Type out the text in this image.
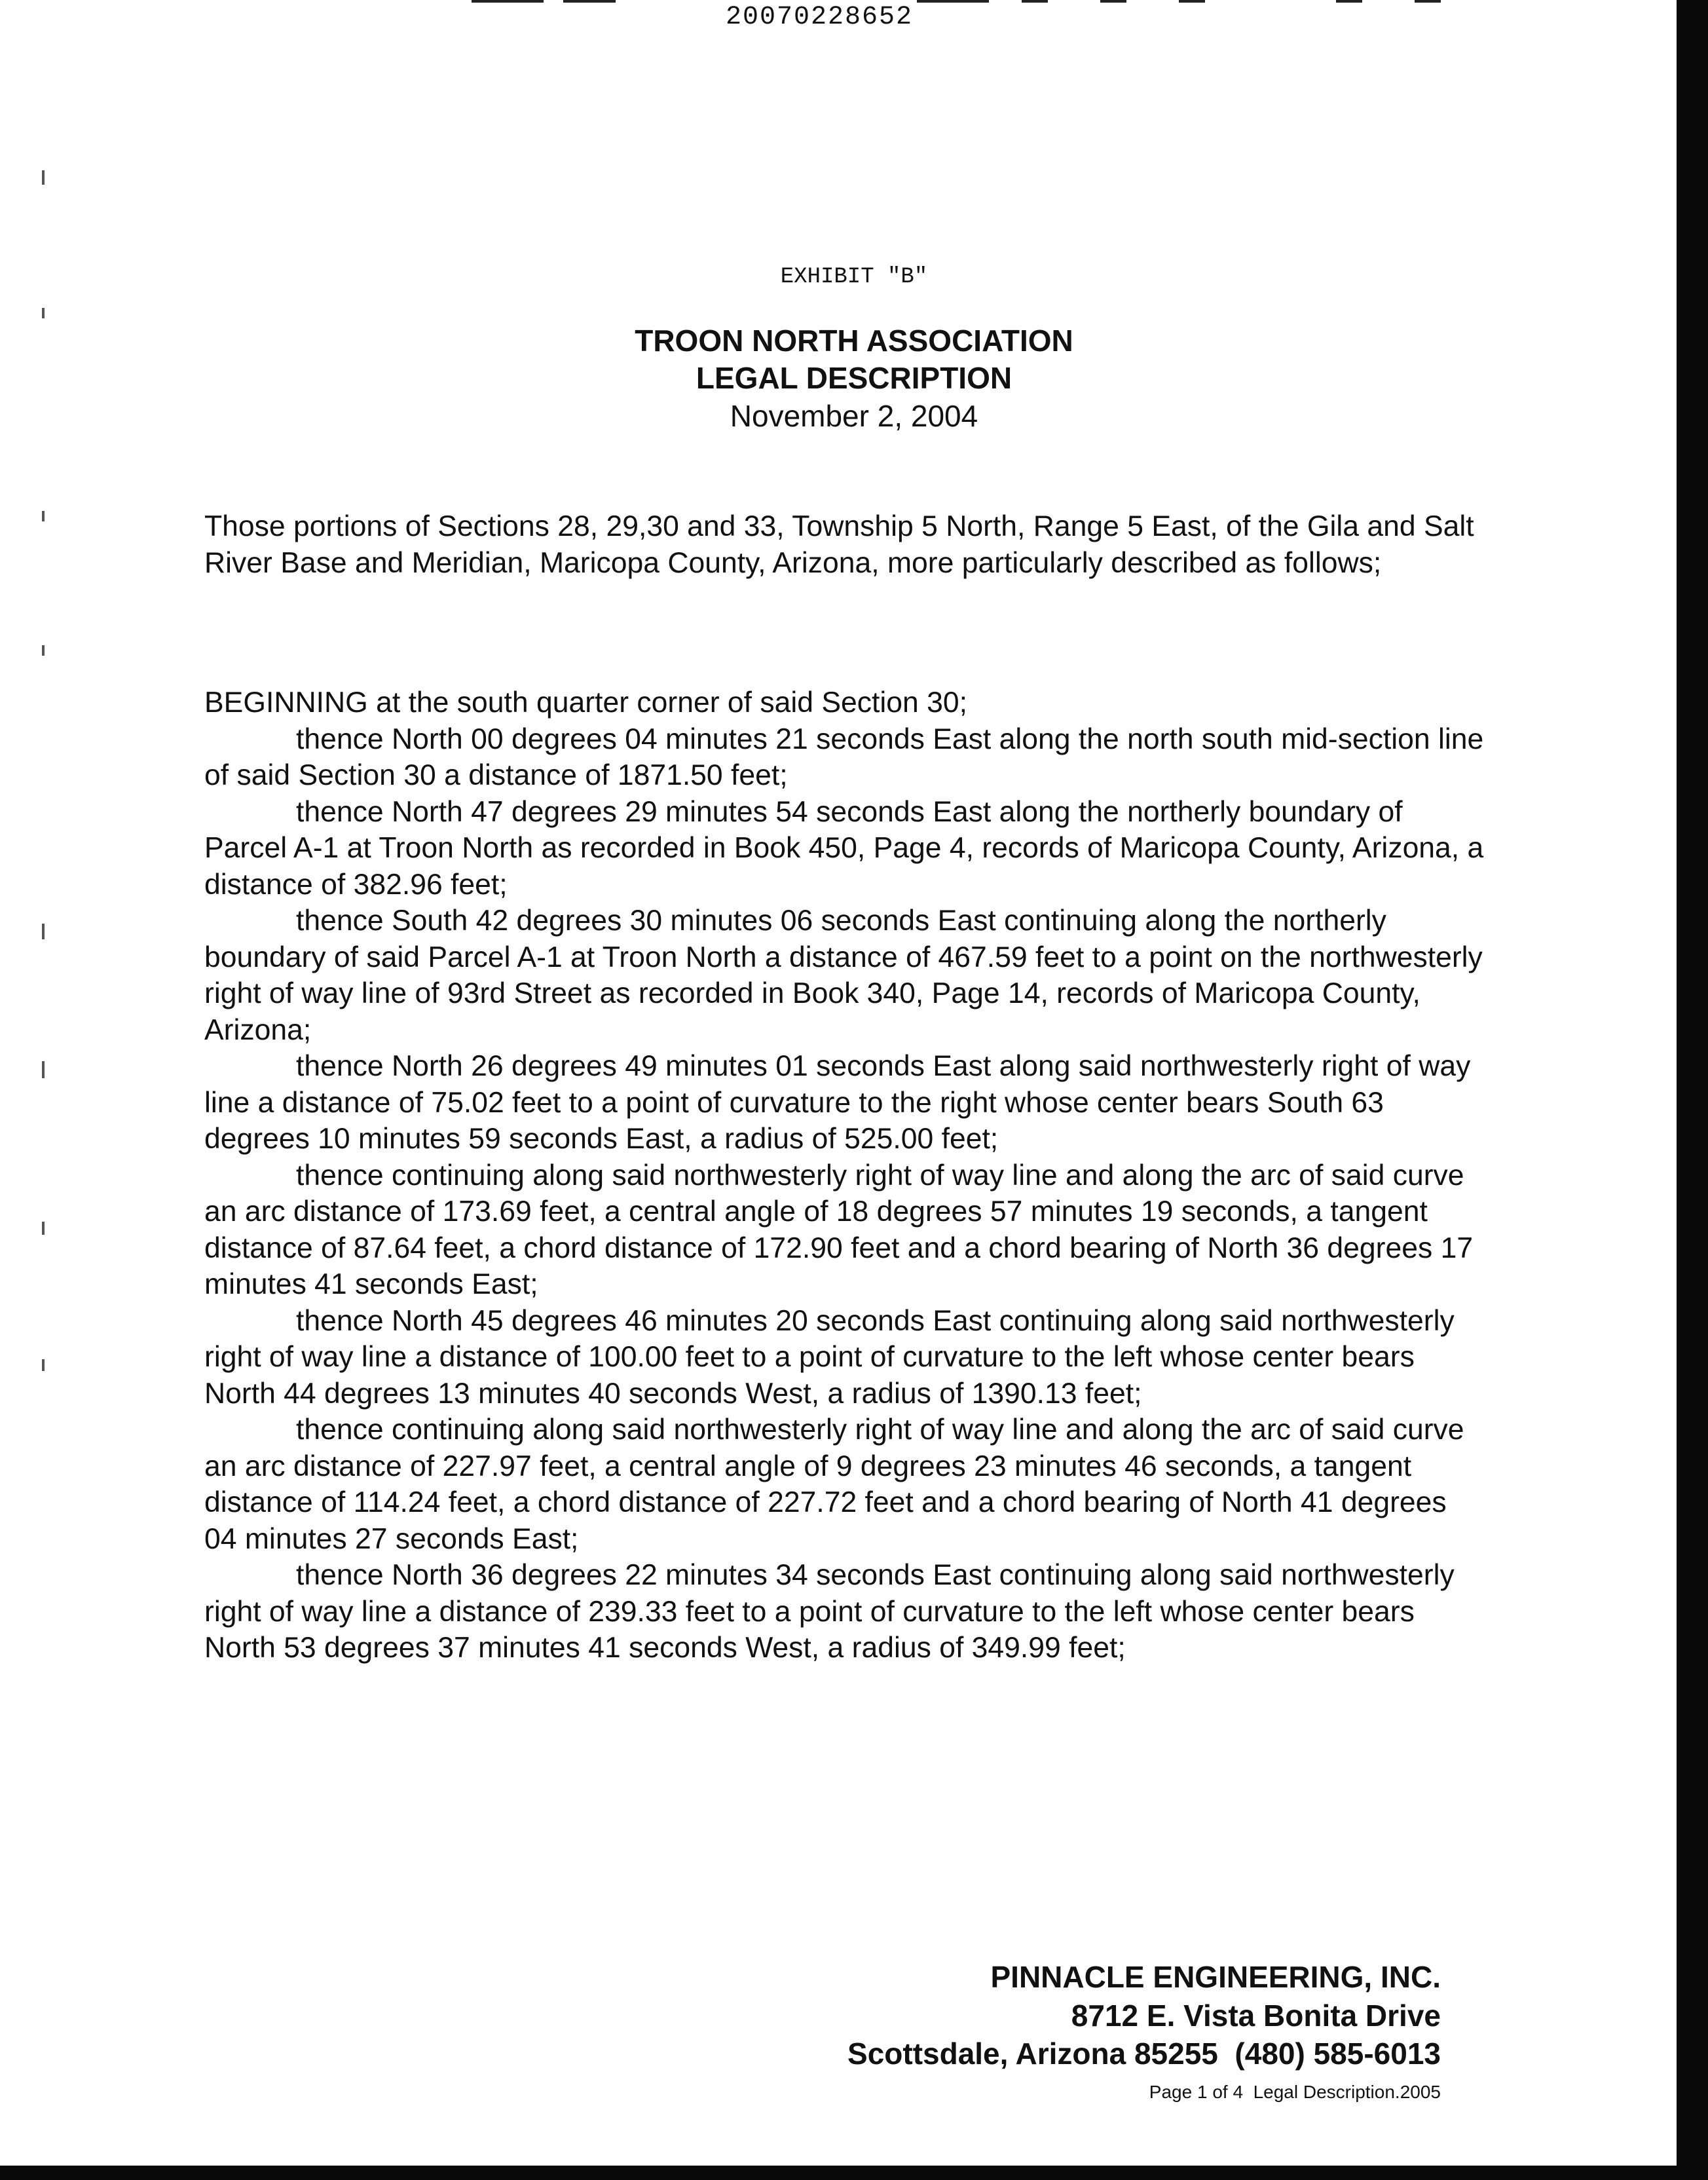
20070228652
EXHIBIT "B"
TROON NORTH ASSOCIATION
LEGAL DESCRIPTION
November 2, 2004
Those portions of Sections 28, 29,30 and 33, Township 5 North, Range 5 East, of the Gila and Salt River Base and Meridian, Maricopa County, Arizona, more particularly described as follows;

BEGINNING at the south quarter corner of said Section 30;

thence North 00 degrees 04 minutes 21 seconds East along the north south mid-section line of said Section 30 a distance of 1871.50 feet;

thence North 47 degrees 29 minutes 54 seconds East along the northerly boundary of Parcel A-1 at Troon North as recorded in Book 450, Page 4, records of Maricopa County, Arizona, a distance of 382.96 feet;

thence South 42 degrees 30 minutes 06 seconds East continuing along the northerly boundary of said Parcel A-1 at Troon North a distance of 467.59 feet to a point on the northwesterly right of way line of 93rd Street as recorded in Book 340, Page 14, records of Maricopa County, Arizona;

thence North 26 degrees 49 minutes 01 seconds East along said northwesterly right of way line a distance of 75.02 feet to a point of curvature to the right whose center bears South 63 degrees 10 minutes 59 seconds East, a radius of 525.00 feet;

thence continuing along said northwesterly right of way line and along the arc of said curve an arc distance of 173.69 feet, a central angle of 18 degrees 57 minutes 19 seconds, a tangent distance of 87.64 feet, a chord distance of 172.90 feet and a chord bearing of North 36 degrees 17 minutes 41 seconds East;

thence North 45 degrees 46 minutes 20 seconds East continuing along said northwesterly right of way line a distance of 100.00 feet to a point of curvature to the left whose center bears North 44 degrees 13 minutes 40 seconds West, a radius of 1390.13 feet;

thence continuing along said northwesterly right of way line and along the arc of said curve an arc distance of 227.97 feet, a central angle of 9 degrees 23 minutes 46 seconds, a tangent distance of 114.24 feet, a chord distance of 227.72 feet and a chord bearing of North 41 degrees 04 minutes 27 seconds East;

thence North 36 degrees 22 minutes 34 seconds East continuing along said northwesterly right of way line a distance of 239.33 feet to a point of curvature to the left whose center bears North 53 degrees 37 minutes 41 seconds West, a radius of 349.99 feet;

PINNACLE ENGINEERING, INC.
8712 E. Vista Bonita Drive
Scottsdale, Arizona 85255  (480) 585-6013
Page 1 of 4  Legal Description.2005
